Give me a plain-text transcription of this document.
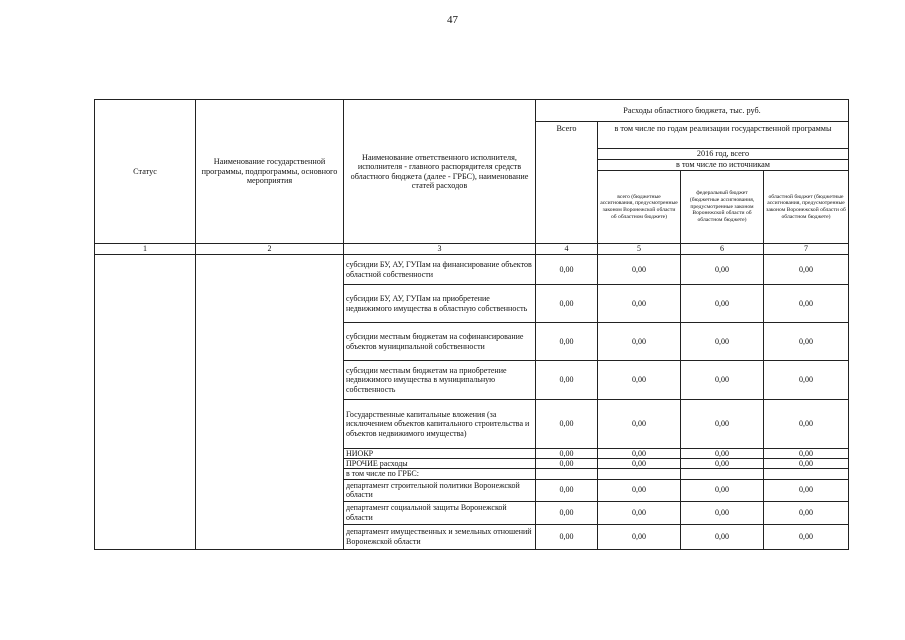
47
Статус	Наименование государственной программы, подпрограммы, основного мероприятия	Наименование ответственного исполнителя, исполнителя - главного распорядителя средств областного бюджета (далее - ГРБС), наименование статей расходов	Расходы областного бюджета, тыс. руб.			
			Всего	в том числе по годам реализации государственной программы		
				2016 год, всего		
				в том числе по источникам		
				всего (бюджетные ассигнования, предусмотренные законом Воронежской области об областном бюджете)	федеральный бюджет (бюджетные ассигнования, предусмотренные законом Воронежской области об областном бюджете)	областной бюджет (бюджетные ассигнования, предусмотренные законом Воронежской области об областном бюджете)
1	2	3	4	5	6	7
		субсидии БУ, АУ, ГУПам на финансирование объектов областной собственности	0,00	0,00	0,00	0,00
		субсидии БУ, АУ, ГУПам на приобретение недвижимого имущества в областную собственность	0,00	0,00	0,00	0,00
		субсидии местным бюджетам на софинансирование объектов муниципальной собственности	0,00	0,00	0,00	0,00
		субсидии местным бюджетам на приобретение недвижимого имущества в муниципальную собственность	0,00	0,00	0,00	0,00
		Государственные капитальные вложения (за исключением объектов капитального строительства и объектов недвижимого имущества)	0,00	0,00	0,00	0,00
		НИОКР	0,00	0,00	0,00	0,00
		ПРОЧИЕ расходы	0,00	0,00	0,00	0,00
		в том числе по ГРБС:				
		департамент строительной политики Воронежской области	0,00	0,00	0,00	0,00
		департамент социальной защиты Воронежской области	0,00	0,00	0,00	0,00
		департамент имущественных и земельных отношений Воронежской области	0,00	0,00	0,00	0,00
